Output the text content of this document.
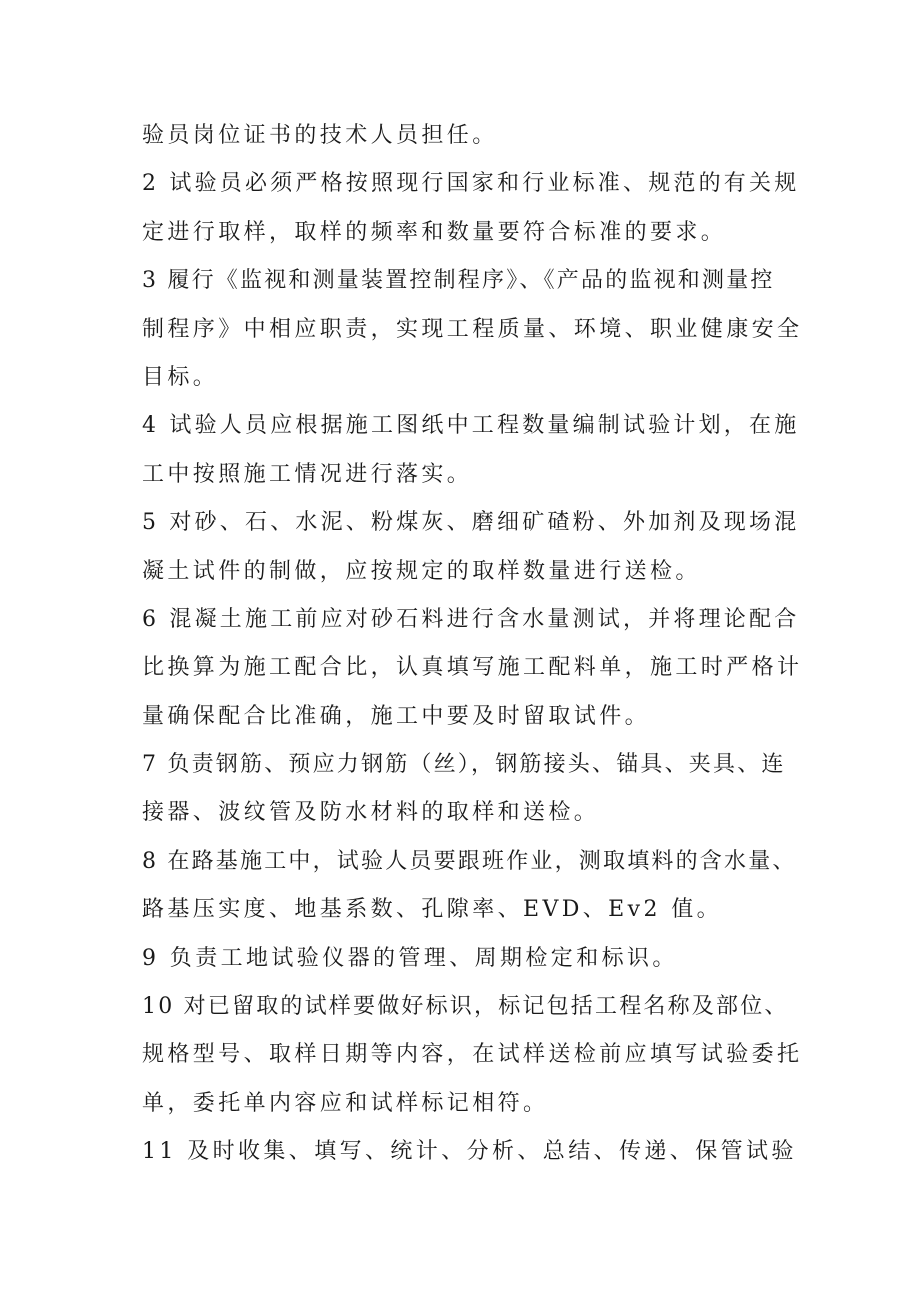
验员岗位证书的技术人员担任。
2 试验员必须严格按照现行国家和行业标准、规范的有关规
定进行取样，取样的频率和数量要符合标准的要求。
3 履行《监视和测量装置控制程序》、《产品的监视和测量控
制程序》中相应职责，实现工程质量、环境、职业健康安全
目标。
4 试验人员应根据施工图纸中工程数量编制试验计划，在施
工中按照施工情况进行落实。
5 对砂、石、水泥、粉煤灰、磨细矿碴粉、外加剂及现场混
凝土试件的制做，应按规定的取样数量进行送检。
6 混凝土施工前应对砂石料进行含水量测试，并将理论配合
比换算为施工配合比，认真填写施工配料单，施工时严格计
量确保配合比准确，施工中要及时留取试件。
7 负责钢筋、预应力钢筋（丝），钢筋接头、锚具、夹具、连
接器、波纹管及防水材料的取样和送检。
8 在路基施工中，试验人员要跟班作业，测取填料的含水量、
路基压实度、地基系数、孔隙率、EVD、Ev2 值。
9 负责工地试验仪器的管理、周期检定和标识。
10 对已留取的试样要做好标识，标记包括工程名称及部位、
规格型号、取样日期等内容，在试样送检前应填写试验委托
单，委托单内容应和试样标记相符。
11 及时收集、填写、统计、分析、总结、传递、保管试验
